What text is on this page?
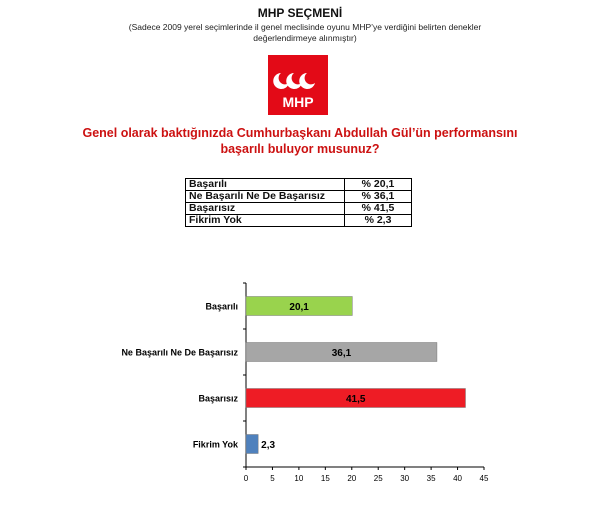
MHP SEÇMENİ
(Sadece 2009 yerel seçimlerinde il genel meclisinde oyunu MHP’ye verdiğini belirten denekler değerlendirmeye alınmıştır)
MHP
Genel olarak baktığınızda Cumhurbaşkanı Abdullah Gül’ün performansını başarılı buluyor musunuz?
Başarılı	% 20,1
Ne Başarılı Ne De Başarısız	% 36,1
Başarısız	% 41,5
Fikrim Yok	% 2,3
0	5 10 15 20 25 30 35 40 45
Başarılı	20,1
Ne Başarılı Ne De Başarısız	36,1
Başarısız	41,5
Fikrim Yok 2,3
